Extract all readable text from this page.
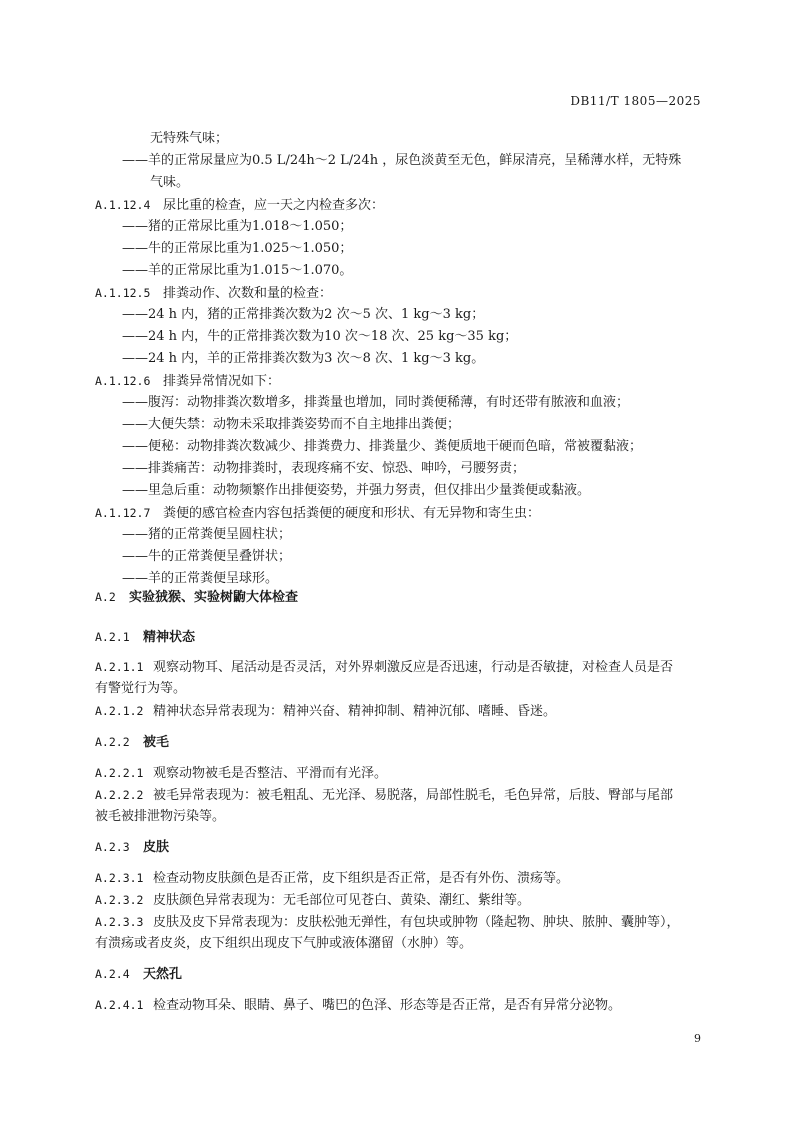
DB11/T 1805—2025
无特殊气味；
——羊的正常尿量应为0.5 L/24h～2 L/24h ，尿色淡黄至无色，鲜尿清亮，呈稀薄水样，无特殊
气味。
A.1.12.4 尿比重的检查，应一天之内检查多次：
——猪的正常尿比重为1.018～1.050；
——牛的正常尿比重为1.025～1.050；
——羊的正常尿比重为1.015～1.070。
A.1.12.5 排粪动作、次数和量的检查：
——24 h 内，猪的正常排粪次数为2 次～5 次、1 kg～3 kg；
——24 h 内，牛的正常排粪次数为10 次～18 次、25 kg～35 kg；
——24 h 内，羊的正常排粪次数为3 次～8 次、1 kg～3 kg。
A.1.12.6 排粪异常情况如下：
——腹泻：动物排粪次数增多，排粪量也增加，同时粪便稀薄，有时还带有脓液和血液；
——大便失禁：动物未采取排粪姿势而不自主地排出粪便；
——便秘：动物排粪次数减少、排粪费力、排粪量少、粪便质地干硬而色暗，常被覆黏液；
——排粪痛苦：动物排粪时，表现疼痛不安、惊恐、呻吟，弓腰努责；
——里急后重：动物频繁作出排便姿势，并强力努责，但仅排出少量粪便或黏液。
A.1.12.7 粪便的感官检查内容包括粪便的硬度和形状、有无异物和寄生虫：
——猪的正常粪便呈圆柱状；
——牛的正常粪便呈叠饼状；
——羊的正常粪便呈球形。
A.2 实验狨猴、实验树鼩大体检查
A.2.1 精神状态
A.2.1.1 观察动物耳、尾活动是否灵活，对外界刺激反应是否迅速，行动是否敏捷，对检查人员是否
有警觉行为等。
A.2.1.2 精神状态异常表现为：精神兴奋、精神抑制、精神沉郁、嗜睡、昏迷。
A.2.2 被毛
A.2.2.1 观察动物被毛是否整洁、平滑而有光泽。
A.2.2.2 被毛异常表现为：被毛粗乱、无光泽、易脱落，局部性脱毛，毛色异常，后肢、臀部与尾部
被毛被排泄物污染等。
A.2.3 皮肤
A.2.3.1 检查动物皮肤颜色是否正常，皮下组织是否正常，是否有外伤、溃疡等。
A.2.3.2 皮肤颜色异常表现为：无毛部位可见苍白、黄染、潮红、紫绀等。
A.2.3.3 皮肤及皮下异常表现为：皮肤松弛无弹性，有包块或肿物（隆起物、肿块、脓肿、囊肿等），
有溃疡或者皮炎，皮下组织出现皮下气肿或液体潴留（水肿）等。
A.2.4 天然孔
A.2.4.1 检查动物耳朵、眼睛、鼻子、嘴巴的色泽、形态等是否正常，是否有异常分泌物。
9
